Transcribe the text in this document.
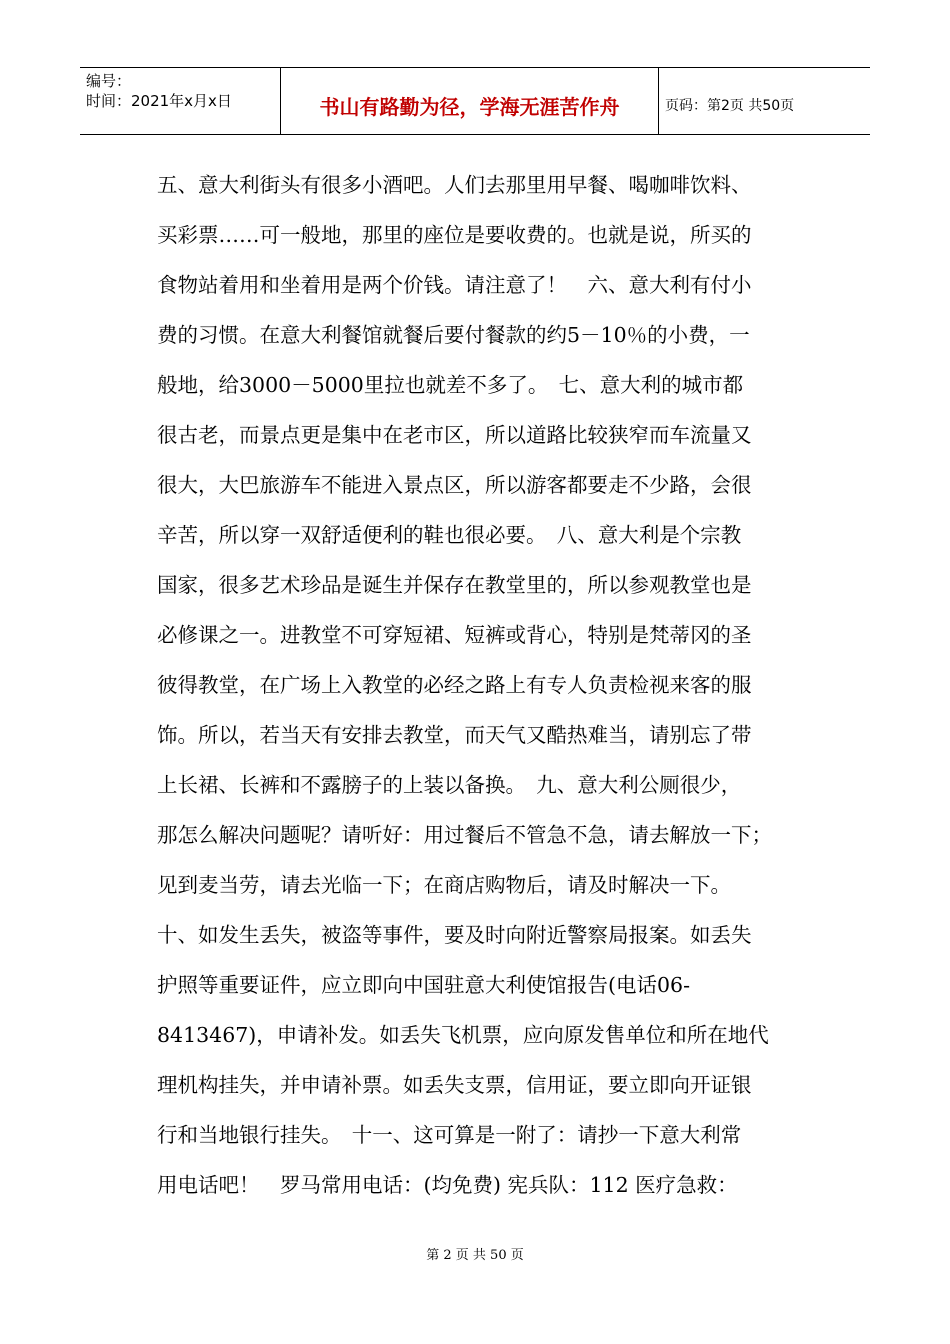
编号：
时间：2021年x月x日	书山有路勤为径，学海无涯苦作舟	页码：第2页 共50页
五、意大利街头有很多小酒吧。人们去那里用早餐、喝咖啡饮料、
买彩票……可一般地，那里的座位是要收费的。也就是说，所买的
食物站着用和坐着用是两个价钱。请注意了！　六、意大利有付小
费的习惯。在意大利餐馆就餐后要付餐款的约5－10％的小费，一
般地，给3000－5000里拉也就差不多了。　七、意大利的城市都
很古老，而景点更是集中在老市区，所以道路比较狭窄而车流量又
很大，大巴旅游车不能进入景点区，所以游客都要走不少路，会很
辛苦，所以穿一双舒适便利的鞋也很必要。　八、意大利是个宗教
国家，很多艺术珍品是诞生并保存在教堂里的，所以参观教堂也是
必修课之一。进教堂不可穿短裙、短裤或背心，特别是梵蒂冈的圣
彼得教堂，在广场上入教堂的必经之路上有专人负责检视来客的服
饰。所以，若当天有安排去教堂，而天气又酷热难当，请别忘了带
上长裙、长裤和不露膀子的上装以备换。　九、意大利公厕很少，
那怎么解决问题呢？请听好：用过餐后不管急不急，请去解放一下；
见到麦当劳，请去光临一下；在商店购物后，请及时解决一下。
十、如发生丢失，被盗等事件，要及时向附近警察局报案。如丢失
护照等重要证件，应立即向中国驻意大利使馆报告(电话06-
8413467)，申请补发。如丢失飞机票，应向原发售单位和所在地代
理机构挂失，并申请补票。如丢失支票，信用证，要立即向开证银
行和当地银行挂失。　十一、这可算是一附了：请抄一下意大利常
用电话吧！　罗马常用电话：(均免费) 宪兵队：112 医疗急救：
第 2 页 共 50 页
